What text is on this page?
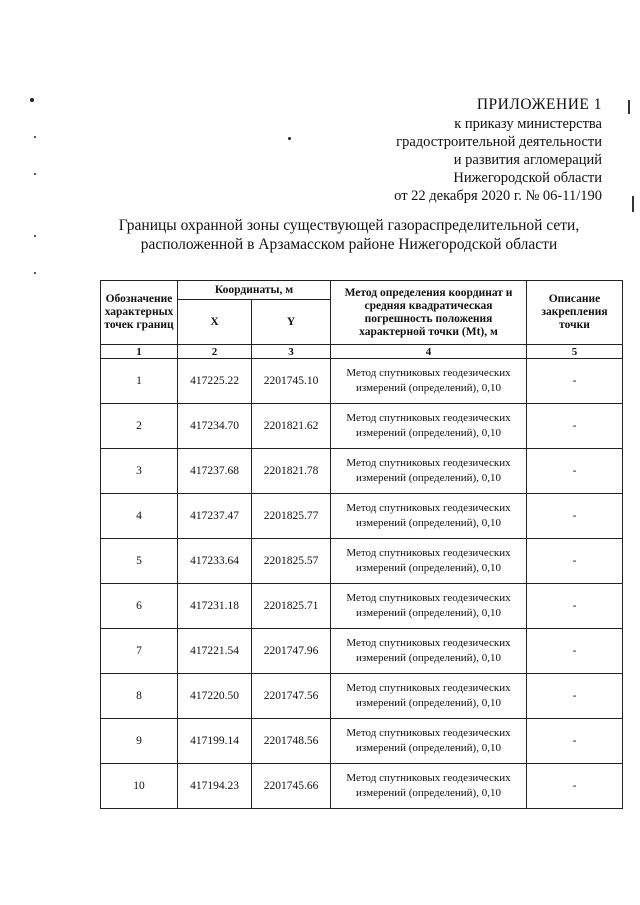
ПРИЛОЖЕНИЕ 1
к приказу министерства
градостроительной деятельности
и развития агломераций
Нижегородской области
от 22 декабря 2020 г. № 06-11/190
Границы охранной зоны существующей газораспределительной сети,
расположенной в Арзамасском районе Нижегородской области
Обозначение характерных точек границ	Координаты, м		Метод определения координат и средняя квадратическая погрешность положения характерной точки (Mt), м	Описание закрепления точки
	X	Y		
1	2	3	4	5
1	417225.22	2201745.10	Метод спутниковых геодезических измерений (определений), 0,10	-
2	417234.70	2201821.62	Метод спутниковых геодезических измерений (определений), 0,10	-
3	417237.68	2201821.78	Метод спутниковых геодезических измерений (определений), 0,10	-
4	417237.47	2201825.77	Метод спутниковых геодезических измерений (определений), 0,10	-
5	417233.64	2201825.57	Метод спутниковых геодезических измерений (определений), 0,10	-
6	417231.18	2201825.71	Метод спутниковых геодезических измерений (определений), 0,10	-
7	417221.54	2201747.96	Метод спутниковых геодезических измерений (определений), 0,10	-
8	417220.50	2201747.56	Метод спутниковых геодезических измерений (определений), 0,10	-
9	417199.14	2201748.56	Метод спутниковых геодезических измерений (определений), 0,10	-
10	417194.23	2201745.66	Метод спутниковых геодезических измерений (определений), 0,10	-
